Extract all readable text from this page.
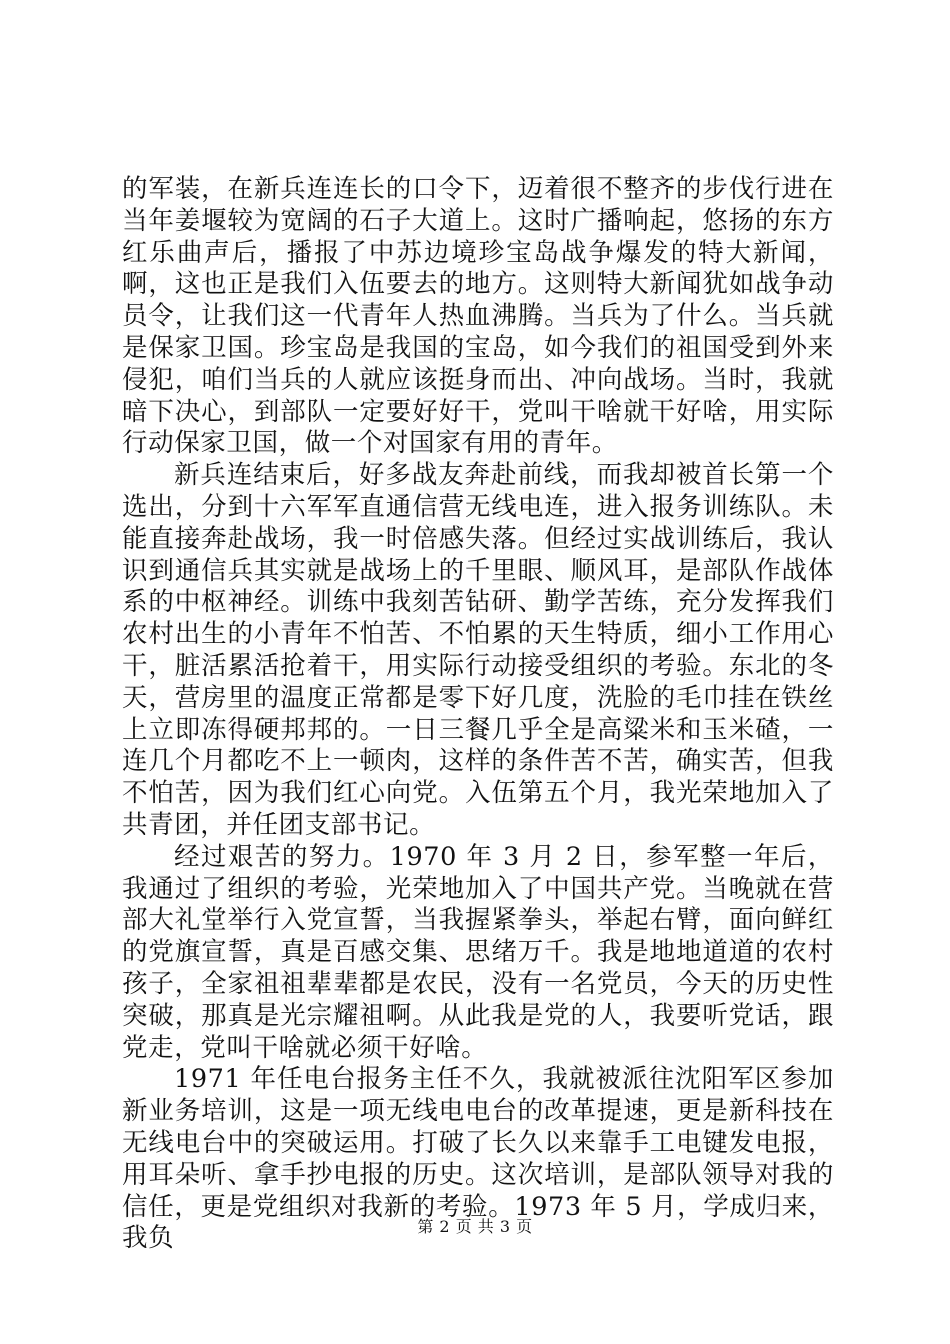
的军装，在新兵连连长的口令下，迈着很不整齐的步伐行进在当年姜堰较为宽阔的石子大道上。这时广播响起，悠扬的东方红乐曲声后，播报了中苏边境珍宝岛战争爆发的特大新闻，啊，这也正是我们入伍要去的地方。这则特大新闻犹如战争动员令，让我们这一代青年人热血沸腾。当兵为了什么。当兵就是保家卫国。珍宝岛是我国的宝岛，如今我们的祖国受到外来侵犯，咱们当兵的人就应该挺身而出、冲向战场。当时，我就暗下决心，到部队一定要好好干，党叫干啥就干好啥，用实际行动保家卫国，做一个对国家有用的青年。

新兵连结束后，好多战友奔赴前线，而我却被首长第一个选出，分到十六军军直通信营无线电连，进入报务训练队。未能直接奔赴战场，我一时倍感失落。但经过实战训练后，我认识到通信兵其实就是战场上的千里眼、顺风耳，是部队作战体系的中枢神经。训练中我刻苦钻研、勤学苦练，充分发挥我们农村出生的小青年不怕苦、不怕累的天生特质，细小工作用心干，脏活累活抢着干，用实际行动接受组织的考验。东北的冬天，营房里的温度正常都是零下好几度，洗脸的毛巾挂在铁丝上立即冻得硬邦邦的。一日三餐几乎全是高粱米和玉米碴，一连几个月都吃不上一顿肉，这样的条件苦不苦，确实苦，但我不怕苦，因为我们红心向党。入伍第五个月，我光荣地加入了共青团，并任团支部书记。

经过艰苦的努力。1970 年 3 月 2 日，参军整一年后，我通过了组织的考验，光荣地加入了中国共产党。当晚就在营部大礼堂举行入党宣誓，当我握紧拳头，举起右臂，面向鲜红的党旗宣誓，真是百感交集、思绪万千。我是地地道道的农村孩子，全家祖祖辈辈都是农民，没有一名党员，今天的历史性突破，那真是光宗耀祖啊。从此我是党的人，我要听党话，跟党走，党叫干啥就必须干好啥。

1971 年任电台报务主任不久，我就被派往沈阳军区参加新业务培训，这是一项无线电电台的改革提速，更是新科技在无线电台中的突破运用。打破了长久以来靠手工电键发电报，用耳朵听、拿手抄电报的历史。这次培训，是部队领导对我的信任，更是党组织对我新的考验。1973 年 5 月，学成归来，我负	第 2 页 共 3 页
